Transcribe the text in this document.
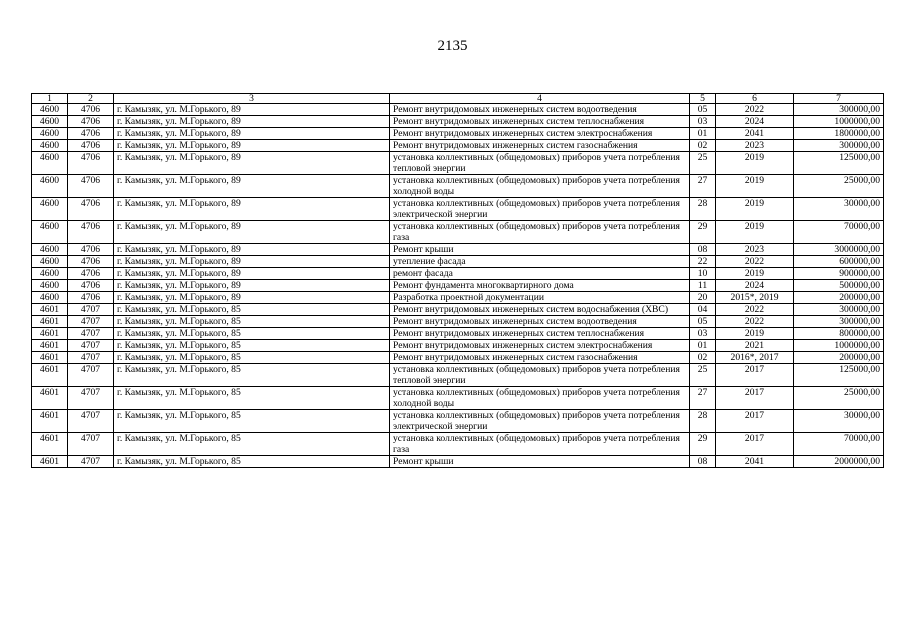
2135
1	2	3	4	5	6	7
4600	4706	г. Камызяк, ул. М.Горького, 89	Ремонт внутридомовых инженерных систем водоотведения	05	2022	300000,00
4600	4706	г. Камызяк, ул. М.Горького, 89	Ремонт внутридомовых инженерных систем теплоснабжения	03	2024	1000000,00
4600	4706	г. Камызяк, ул. М.Горького, 89	Ремонт внутридомовых инженерных систем электроснабжения	01	2041	1800000,00
4600	4706	г. Камызяк, ул. М.Горького, 89	Ремонт внутридомовых инженерных систем газоснабжения	02	2023	300000,00
4600	4706	г. Камызяк, ул. М.Горького, 89	установка коллективных (общедомовых) приборов учета потребления тепловой энергии	25	2019	125000,00
4600	4706	г. Камызяк, ул. М.Горького, 89	установка коллективных (общедомовых) приборов учета потребления холодной воды	27	2019	25000,00
4600	4706	г. Камызяк, ул. М.Горького, 89	установка коллективных (общедомовых) приборов учета потребления электрической энергии	28	2019	30000,00
4600	4706	г. Камызяк, ул. М.Горького, 89	установка коллективных (общедомовых) приборов учета потребления газа	29	2019	70000,00
4600	4706	г. Камызяк, ул. М.Горького, 89	Ремонт крыши	08	2023	3000000,00
4600	4706	г. Камызяк, ул. М.Горького, 89	утепление фасада	22	2022	600000,00
4600	4706	г. Камызяк, ул. М.Горького, 89	ремонт фасада	10	2019	900000,00
4600	4706	г. Камызяк, ул. М.Горького, 89	Ремонт фундамента многоквартирного дома	11	2024	500000,00
4600	4706	г. Камызяк, ул. М.Горького, 89	Разработка проектной документации	20	2015*, 2019	200000,00
4601	4707	г. Камызяк, ул. М.Горького, 85	Ремонт внутридомовых инженерных систем водоснабжения (ХВС)	04	2022	300000,00
4601	4707	г. Камызяк, ул. М.Горького, 85	Ремонт внутридомовых инженерных систем водоотведения	05	2022	300000,00
4601	4707	г. Камызяк, ул. М.Горького, 85	Ремонт внутридомовых инженерных систем теплоснабжения	03	2019	800000,00
4601	4707	г. Камызяк, ул. М.Горького, 85	Ремонт внутридомовых инженерных систем электроснабжения	01	2021	1000000,00
4601	4707	г. Камызяк, ул. М.Горького, 85	Ремонт внутридомовых инженерных систем газоснабжения	02	2016*, 2017	200000,00
4601	4707	г. Камызяк, ул. М.Горького, 85	установка коллективных (общедомовых) приборов учета потребления тепловой энергии	25	2017	125000,00
4601	4707	г. Камызяк, ул. М.Горького, 85	установка коллективных (общедомовых) приборов учета потребления холодной воды	27	2017	25000,00
4601	4707	г. Камызяк, ул. М.Горького, 85	установка коллективных (общедомовых) приборов учета потребления электрической энергии	28	2017	30000,00
4601	4707	г. Камызяк, ул. М.Горького, 85	установка коллективных (общедомовых) приборов учета потребления газа	29	2017	70000,00
4601	4707	г. Камызяк, ул. М.Горького, 85	Ремонт крыши	08	2041	2000000,00
